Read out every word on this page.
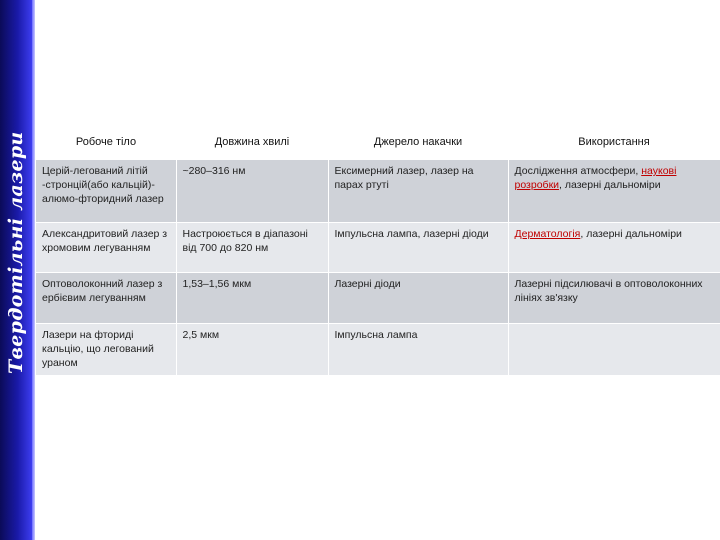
Твердотільні лазери	Робоче тіло	Довжина хвилі	Джерело накачки	Використання
Церій-легований літій -стронцій(або кальцій)-алюмо-фторидний лазер	~280–316 нм	Ексимерний лазер, лазер на парах ртуті	Дослідження атмосфери, наукові розробки, лазерні дальноміри
Александритовий лазер з хромовим легуванням	Настроюється в діапазоні від 700 до 820 нм	Імпульсна лампа, лазерні діоди	Дерматологія, лазерні дальноміри
Оптоволоконний лазер з ербієвим легуванням	1,53–1,56 мкм	Лазерні діоди	Лазерні підсилювачі в оптоволоконних лініях зв'язку
Лазери на фториді кальцію, що легований ураном	2,5 мкм	Імпульсна лампа	
